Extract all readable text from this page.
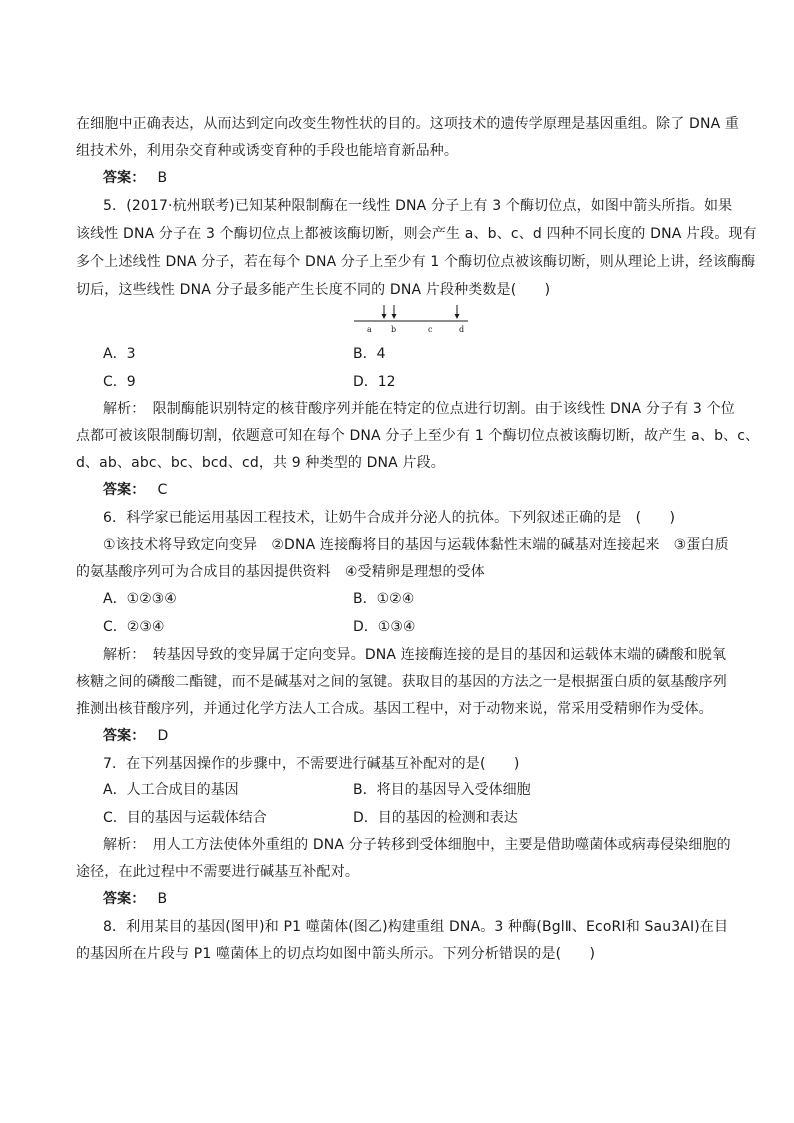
在细胞中正确表达，从而达到定向改变生物性状的目的。这项技术的遗传学原理是基因重组。除了 DNA 重
组技术外，利用杂交育种或诱变育种的手段也能培育新品种。
答案： B
5．(2017·杭州联考)已知某种限制酶在一线性 DNA 分子上有 3 个酶切位点，如图中箭头所指。如果
该线性 DNA 分子在 3 个酶切位点上都被该酶切断，则会产生 a、b、c、d 四种不同长度的 DNA 片段。现有
多个上述线性 DNA 分子，若在每个 DNA 分子上至少有 1 个酶切位点被该酶切断，则从理论上讲，经该酶酶
切后，这些线性 DNA 分子最多能产生长度不同的 DNA 片段种类数是(　　)
a b	c	d
A．3	B．4
C．9	D．12
解析：　限制酶能识别特定的核苷酸序列并能在特定的位点进行切割。由于该线性 DNA 分子有 3 个位
点都可被该限制酶切割，依题意可知在每个 DNA 分子上至少有 1 个酶切位点被该酶切断，故产生 a、b、c、
d、ab、abc、bc、bcd、cd，共 9 种类型的 DNA 片段。
答案： C
6．科学家已能运用基因工程技术，让奶牛合成并分泌人的抗体。下列叙述正确的是　(　　)
①该技术将导致定向变异　②DNA 连接酶将目的基因与运载体黏性末端的碱基对连接起来　③蛋白质
的氨基酸序列可为合成目的基因提供资料　④受精卵是理想的受体
A．①②③④	B．①②④
C．②③④	D．①③④
解析：　转基因导致的变异属于定向变异。DNA 连接酶连接的是目的基因和运载体末端的磷酸和脱氧
核糖之间的磷酸二酯键，而不是碱基对之间的氢键。获取目的基因的方法之一是根据蛋白质的氨基酸序列
推测出核苷酸序列，并通过化学方法人工合成。基因工程中，对于动物来说，常采用受精卵作为受体。
答案： D
7．在下列基因操作的步骤中，不需要进行碱基互补配对的是(　　)
A．人工合成目的基因	B．将目的基因导入受体细胞
C．目的基因与运载体结合	D．目的基因的检测和表达
解析：　用人工方法使体外重组的 DNA 分子转移到受体细胞中，主要是借助噬菌体或病毒侵染细胞的
途径，在此过程中不需要进行碱基互补配对。
答案： B
8．利用某目的基因(图甲)和 P1 噬菌体(图乙)构建重组 DNA。3 种酶(BglⅡ、EcoRⅠ和 Sau3AⅠ)在目
的基因所在片段与 P1 噬菌体上的切点均如图中箭头所示。下列分析错误的是(　　)
